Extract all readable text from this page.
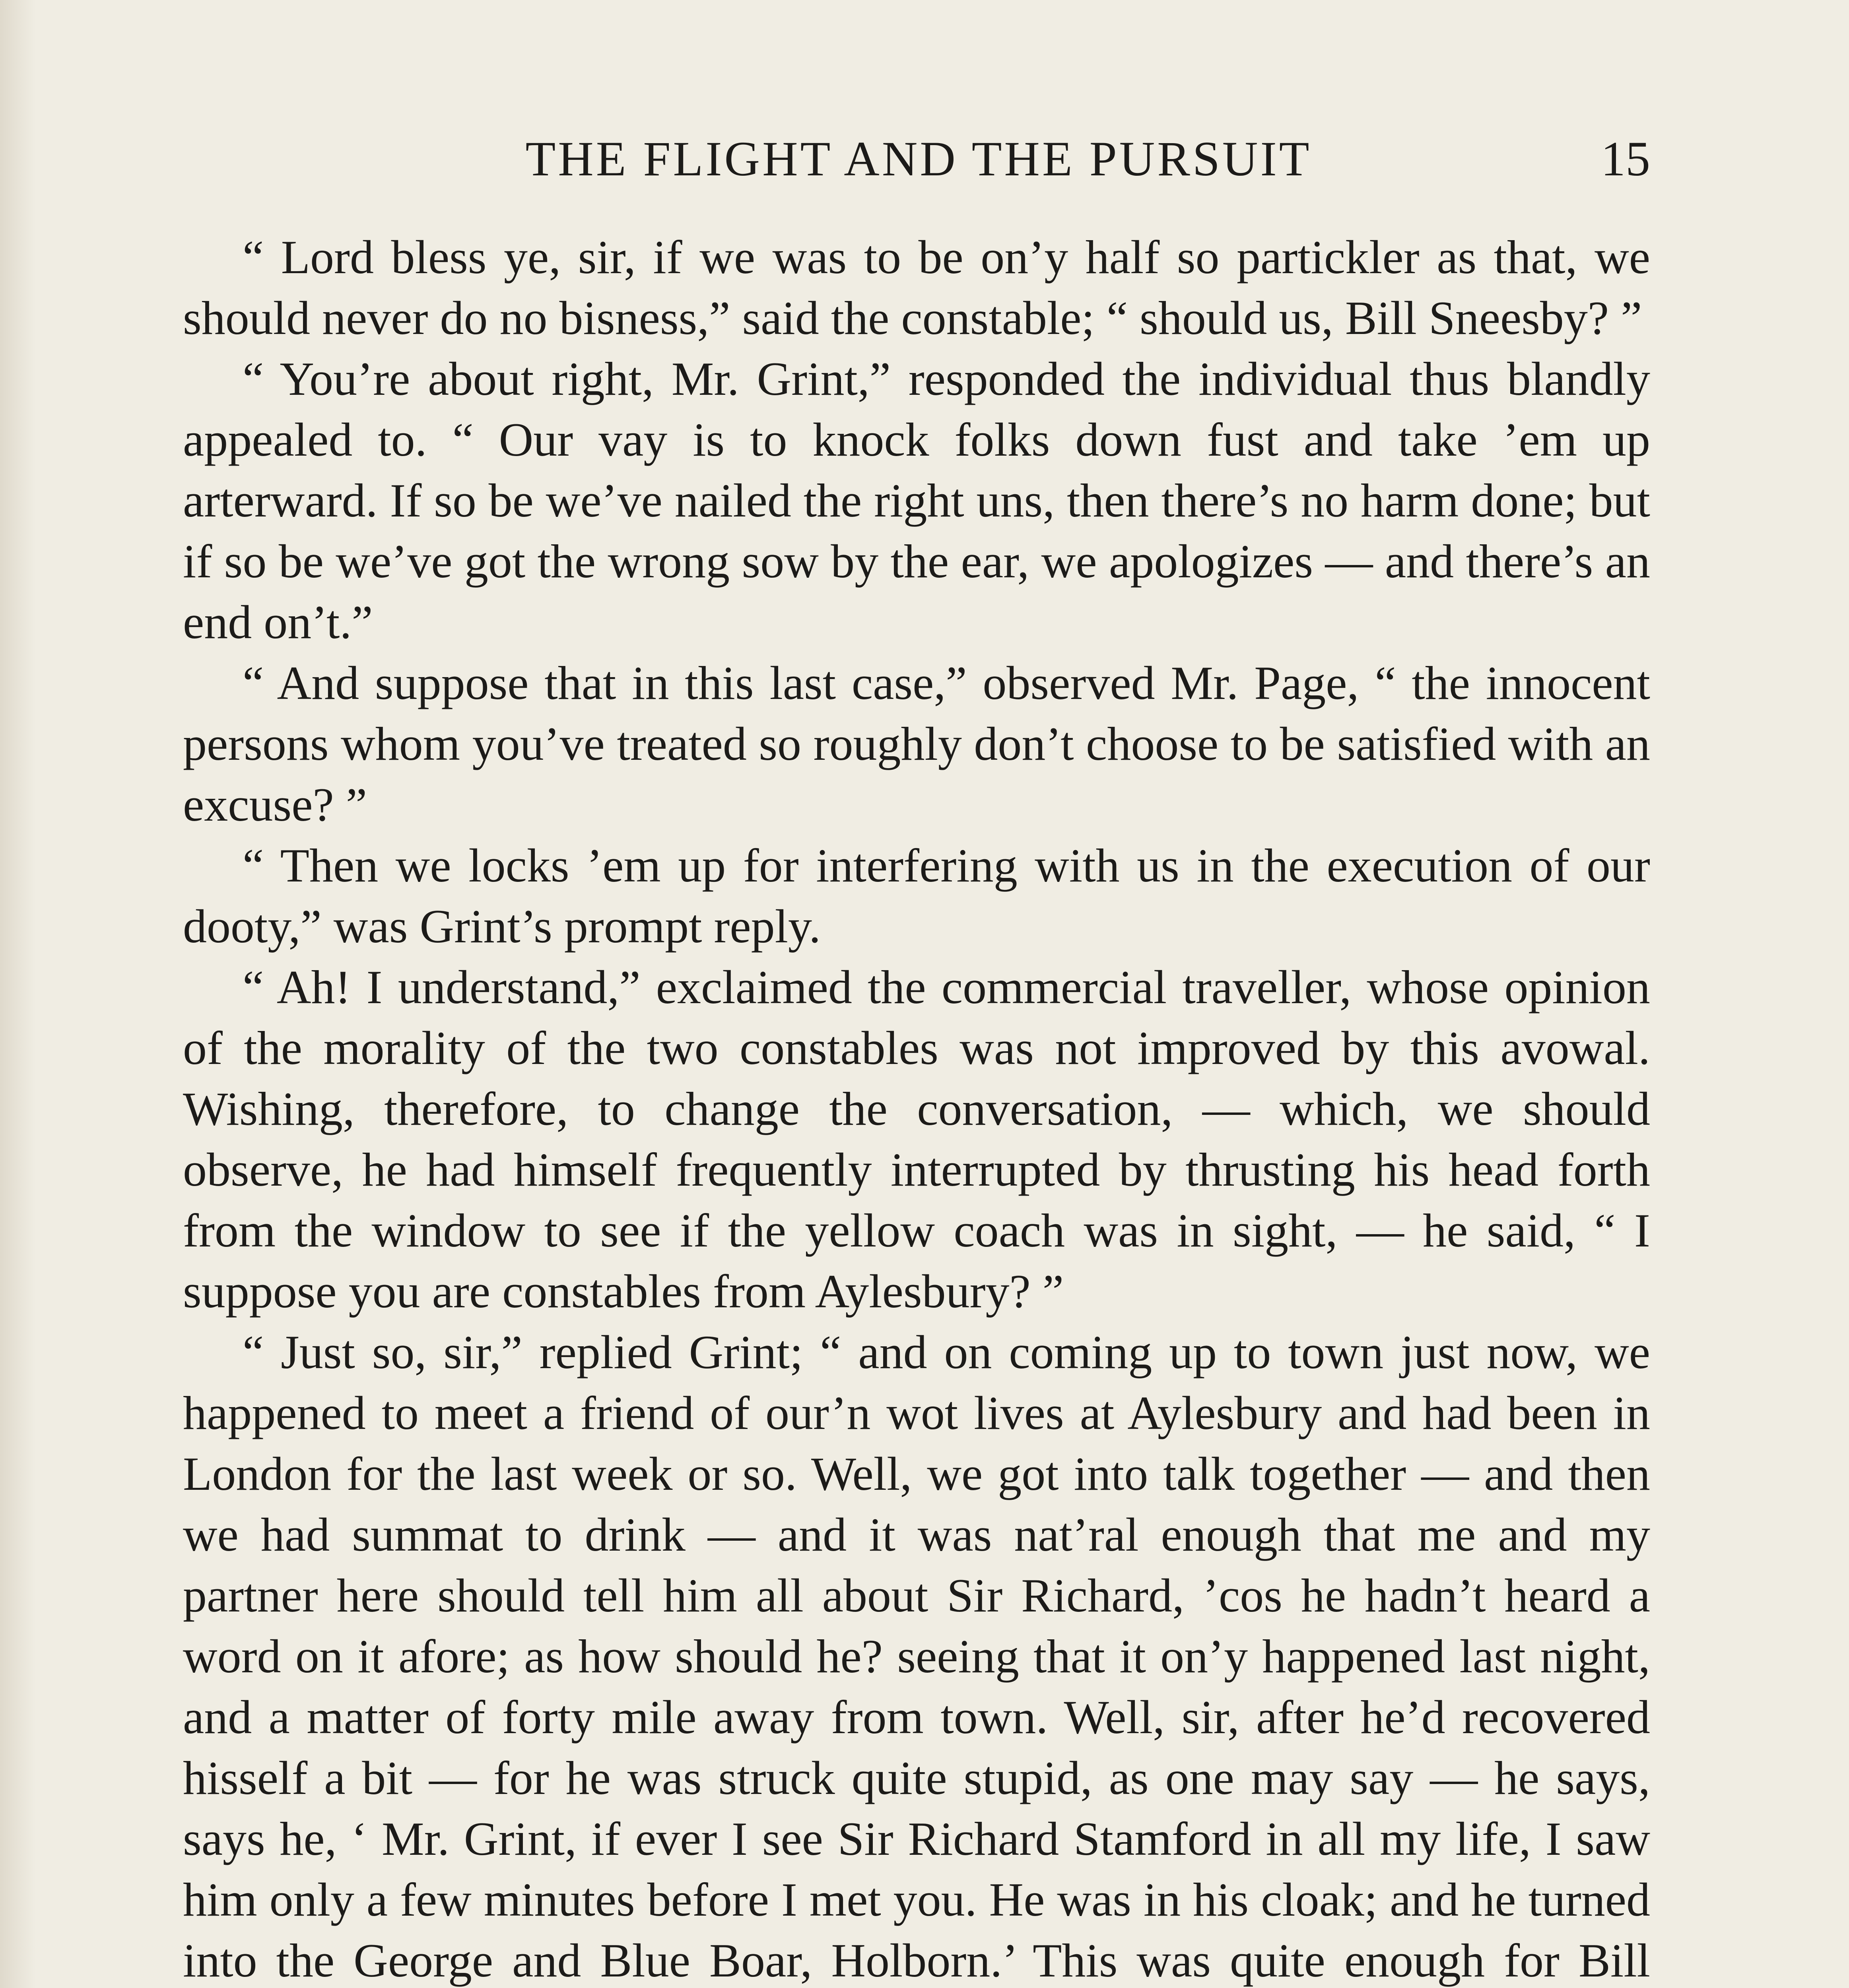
THE FLIGHT AND THE PURSUIT	15

“ Lord bless ye, sir, if we was to be on’y half so partickler as that, we should never do no bisness,” said the constable; “ should us, Bill Sneesby? ”

“ You’re about right, Mr. Grint,” responded the individual thus blandly appealed to. “ Our vay is to knock folks down fust and take ’em up arterward. If so be we’ve nailed the right uns, then there’s no harm done; but if so be we’ve got the wrong sow by the ear, we apologizes — and there’s an end on’t.”

“ And suppose that in this last case,” observed Mr. Page, “ the innocent persons whom you’ve treated so roughly don’t choose to be satisfied with an excuse? ”

“ Then we locks ’em up for interfering with us in the execution of our dooty,” was Grint’s prompt reply.

“ Ah! I understand,” exclaimed the commercial traveller, whose opinion of the morality of the two constables was not improved by this avowal. Wishing, therefore, to change the conversation, — which, we should observe, he had himself frequently interrupted by thrusting his head forth from the window to see if the yellow coach was in sight, — he said, “ I suppose you are constables from Aylesbury? ”

“ Just so, sir,” replied Grint; “ and on coming up to town just now, we happened to meet a friend of our’n wot lives at Aylesbury and had been in London for the last week or so. Well, we got into talk together — and then we had summat to drink — and it was nat’ral enough that me and my partner here should tell him all about Sir Richard, ’cos he hadn’t heard a word on it afore; as how should he? seeing that it on’y happened last night, and a matter of forty mile away from town. Well, sir, after he’d recovered hisself a bit — for he was struck quite stupid, as one may say — he says, says he, ‘ Mr. Grint, if ever I see Sir Richard Stamford in all my life, I saw him only a few minutes before I met you. He was in his cloak; and he turned into the George and Blue Boar, Holborn.’ This was quite enough for Bill
